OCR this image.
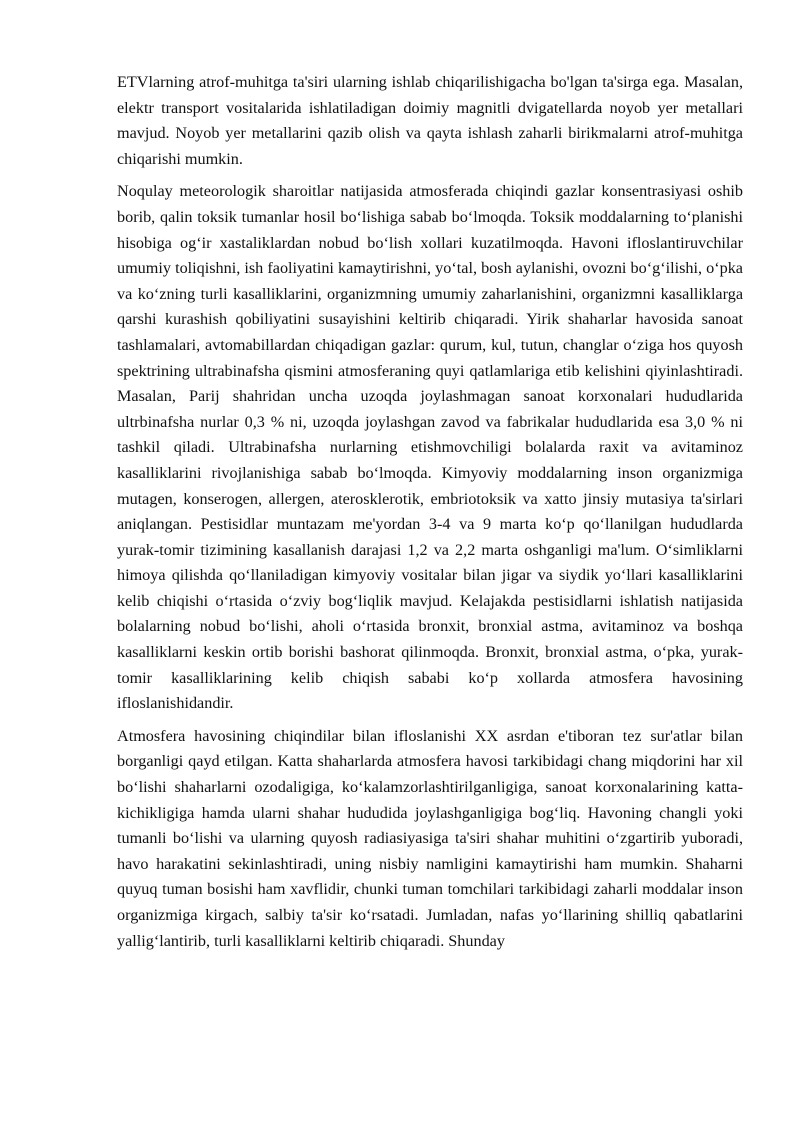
ETVlarning atrof-muhitga ta'siri ularning ishlab chiqarilishigacha bo'lgan ta'sirga ega. Masalan, elektr transport vositalarida ishlatiladigan doimiy magnitli dvigatellarda noyob yer metallari mavjud. Noyob yer metallarini qazib olish va qayta ishlash zaharli birikmalarni atrof-muhitga chiqarishi mumkin.

Noqulay meteorologik sharoitlar natijasida atmosferada chiqindi gazlar konsentrasiyasi oshib borib, qalin toksik tumanlar hosil bo‘lishiga sabab bo‘lmoqda. Toksik moddalarning to‘planishi hisobiga og‘ir xastaliklardan nobud bo‘lish xollari kuzatilmoqda. Havoni ifloslantiruvchilar umumiy toliqishni, ish faoliyatini kamaytirishni, yo‘tal, bosh aylanishi, ovozni bo‘g‘ilishi, o‘pka va ko‘zning turli kasalliklarini, organizmning umumiy zaharlanishini, organizmni kasalliklarga qarshi kurashish qobiliyatini susayishini keltirib chiqaradi. Yirik shaharlar havosida sanoat tashlamalari, avtomabillardan chiqadigan gazlar: qurum, kul, tutun, changlar o‘ziga hos quyosh spektrining ultrabinafsha qismini atmosferaning quyi qatlamlariga etib kelishini qiyinlashtiradi. Masalan, Parij shahridan uncha uzoqda joylashmagan sanoat korxonalari hududlarida ultrbinafsha nurlar 0,3 % ni, uzoqda joylashgan zavod va fabrikalar hududlarida esa 3,0 % ni tashkil qiladi. Ultrabinafsha nurlarning etishmovchiligi bolalarda raxit va avitaminoz kasalliklarini rivojlanishiga sabab bo‘lmoqda. Kimyoviy moddalarning inson organizmiga mutagen, konserogen, allergen, aterosklerotik, embriotoksik va xatto jinsiy mutasiya ta'sirlari aniqlangan. Pestisidlar muntazam me'yordan 3-4 va 9 marta ko‘p qo‘llanilgan hududlarda yurak-tomir tizimining kasallanish darajasi 1,2 va 2,2 marta oshganligi ma'lum. O‘simliklarni himoya qilishda qo‘llaniladigan kimyoviy vositalar bilan jigar va siydik yo‘llari kasalliklarini kelib chiqishi o‘rtasida o‘zviy bog‘liqlik mavjud. Kelajakda pestisidlarni ishlatish natijasida bolalarning nobud bo‘lishi, aholi o‘rtasida bronxit, bronxial astma, avitaminoz va boshqa kasalliklarni keskin ortib borishi bashorat qilinmoqda. Bronxit, bronxial astma, o‘pka, yurak-tomir kasalliklarining kelib chiqish sababi ko‘p xollarda atmosfera havosining ifloslanishidandir.

Atmosfera havosining chiqindilar bilan ifloslanishi XX asrdan e'tiboran tez sur'atlar bilan borganligi qayd etilgan. Katta shaharlarda atmosfera havosi tarkibidagi chang miqdorini har xil bo‘lishi shaharlarni ozodaligiga, ko‘kalamzorlashtirilganligiga, sanoat korxonalarining katta-kichikligiga hamda ularni shahar hududida joylashganligiga bog‘liq. Havoning changli yoki tumanli bo‘lishi va ularning quyosh radiasiyasiga ta'siri shahar muhitini o‘zgartirib yuboradi, havo harakatini sekinlashtiradi, uning nisbiy namligini kamaytirishi ham mumkin. Shaharni quyuq tuman bosishi ham xavflidir, chunki tuman tomchilari tarkibidagi zaharli moddalar inson organizmiga kirgach, salbiy ta'sir ko‘rsatadi. Jumladan, nafas yo‘llarining shilliq qabatlarini yallig‘lantirib, turli kasalliklarni keltirib chiqaradi. Shunday
